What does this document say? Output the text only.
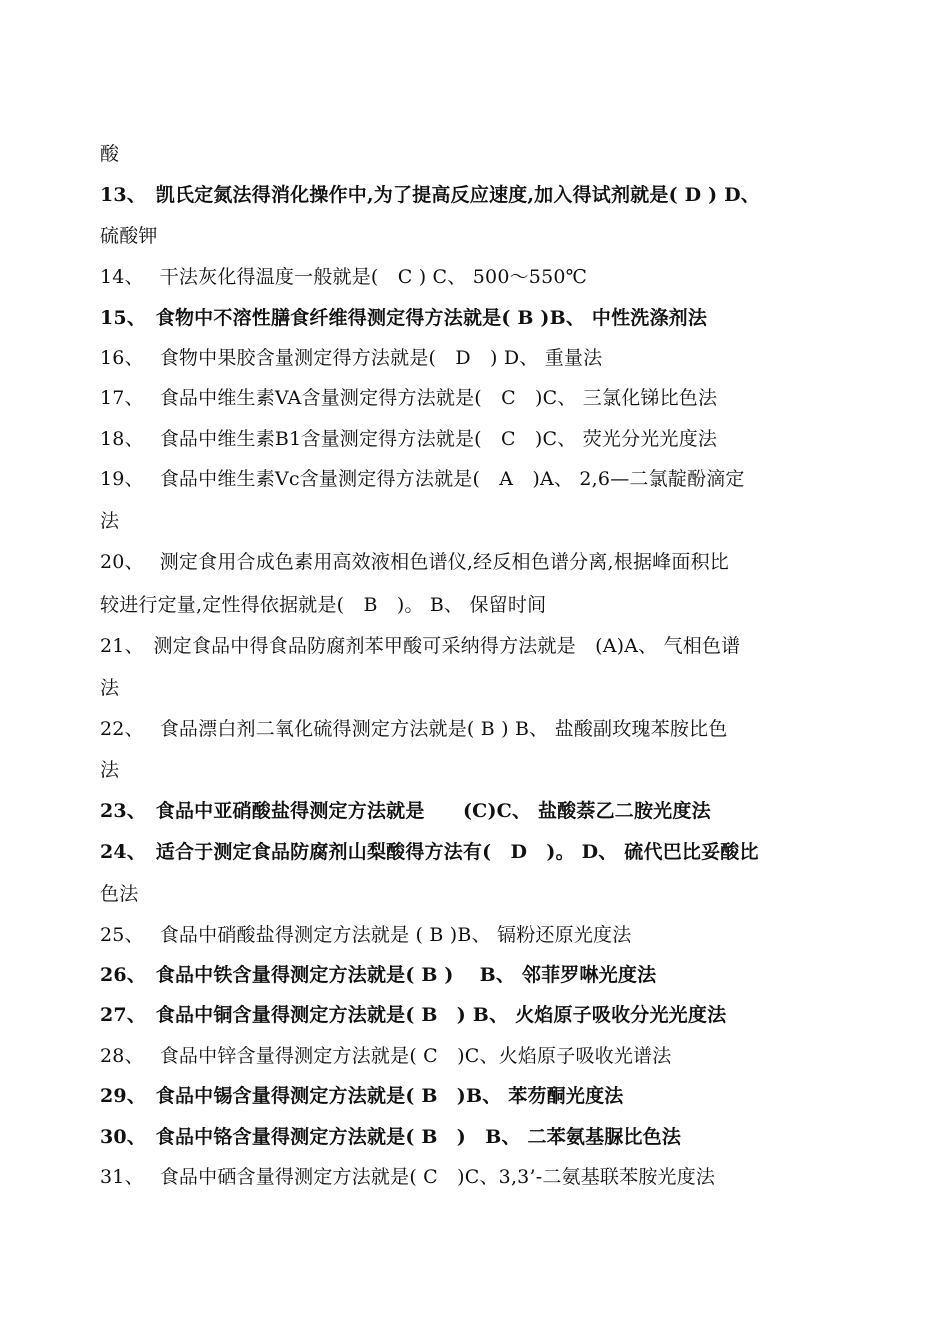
酸
13、　凯氏定氮法得消化操作中,为了提高反应速度,加入得试剂就是( D ) D、
硫酸钾
14、　 干法灰化得温度一般就是(　C ) C、 500～550℃
15、　食物中不溶性膳食纤维得测定得方法就是( B )B、 中性洗涤剂法
16、　 食物中果胶含量测定得方法就是(　D　) D、 重量法
17、　 食品中维生素VA含量测定得方法就是(　C　)C、 三氯化锑比色法
18、　 食品中维生素B1含量测定得方法就是(　C　)C、 荧光分光光度法
19、　 食品中维生素Vc含量测定得方法就是(　A　)A、 2,6—二氯靛酚滴定
法
20、　 测定食用合成色素用高效液相色谱仪,经反相色谱分离,根据峰面积比
较进行定量,定性得依据就是(　B　)。 B、 保留时间
21、　测定食品中得食品防腐剂苯甲酸可采纳得方法就是　(A)A、 气相色谱
法
22、　 食品漂白剂二氧化硫得测定方法就是( B ) B、 盐酸副玫瑰苯胺比色
法
23、　食品中亚硝酸盐得测定方法就是　　(C)C、 盐酸萘乙二胺光度法
24、　适合于测定食品防腐剂山梨酸得方法有(　D　)。 D、 硫代巴比妥酸比
色法
25、　 食品中硝酸盐得测定方法就是 ( B )B、 镉粉还原光度法
26、　食品中铁含量得测定方法就是( B )　 B、 邻菲罗啉光度法
27、　食品中铜含量得测定方法就是( B　) B、 火焰原子吸收分光光度法
28、　 食品中锌含量得测定方法就是( C　)C、火焰原子吸收光谱法
29、　食品中锡含量得测定方法就是( B　)B、 苯芴酮光度法
30、　食品中铬含量得测定方法就是( B　)　B、 二苯氨基脲比色法
31、　 食品中硒含量得测定方法就是( C　)C、3,3’-二氨基联苯胺光度法
